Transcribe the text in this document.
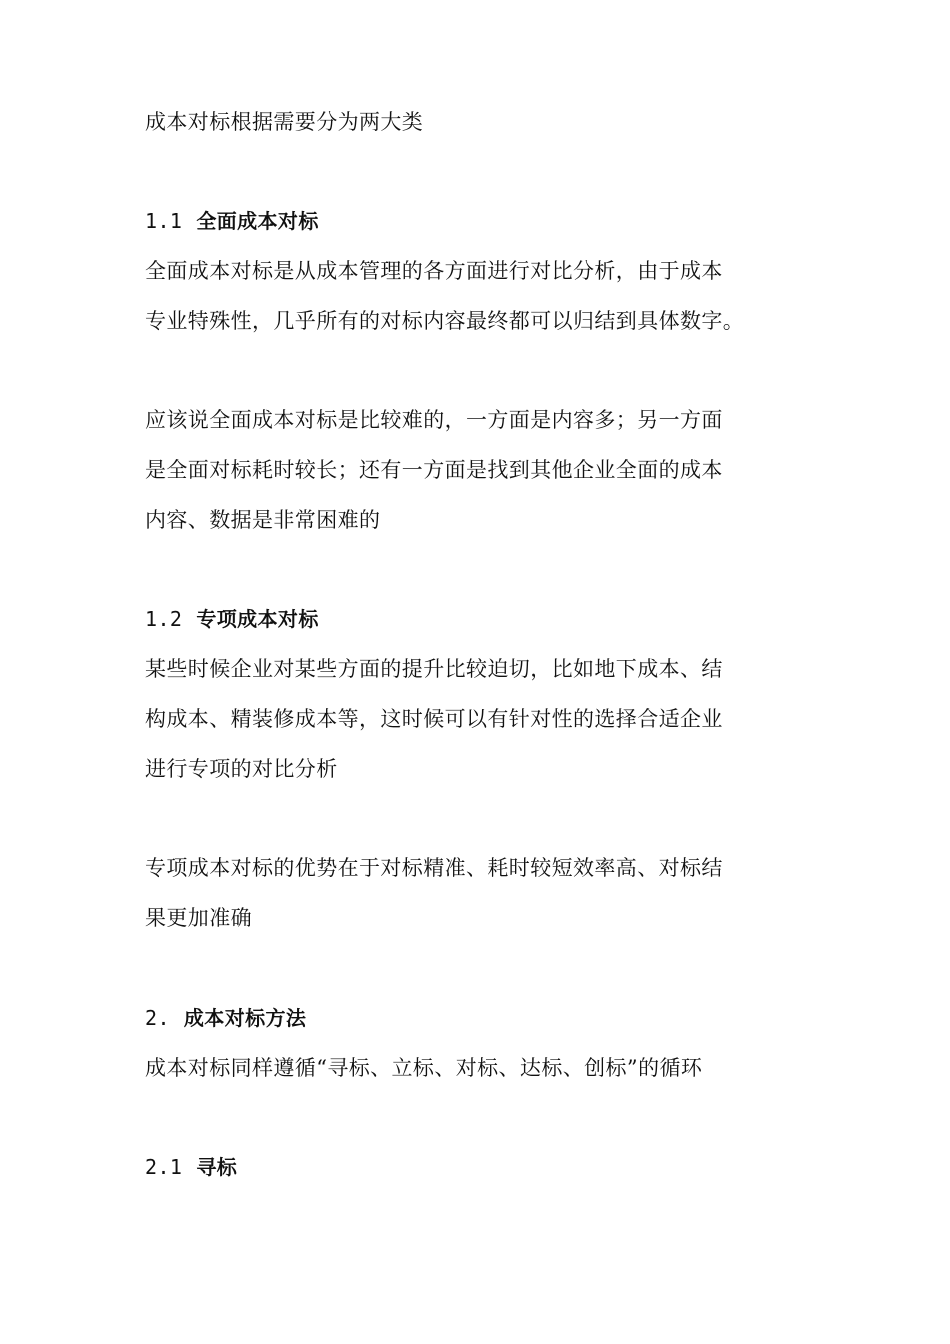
成本对标根据需要分为两大类
1.1 全面成本对标
全面成本对标是从成本管理的各方面进行对比分析，由于成本
专业特殊性，几乎所有的对标内容最终都可以归结到具体数字。
应该说全面成本对标是比较难的，一方面是内容多；另一方面
是全面对标耗时较长；还有一方面是找到其他企业全面的成本
内容、数据是非常困难的
1.2 专项成本对标
某些时候企业对某些方面的提升比较迫切，比如地下成本、结
构成本、精装修成本等，这时候可以有针对性的选择合适企业
进行专项的对比分析
专项成本对标的优势在于对标精准、耗时较短效率高、对标结
果更加准确
2. 成本对标方法
成本对标同样遵循“寻标、立标、对标、达标、创标”的循环
2.1 寻标
